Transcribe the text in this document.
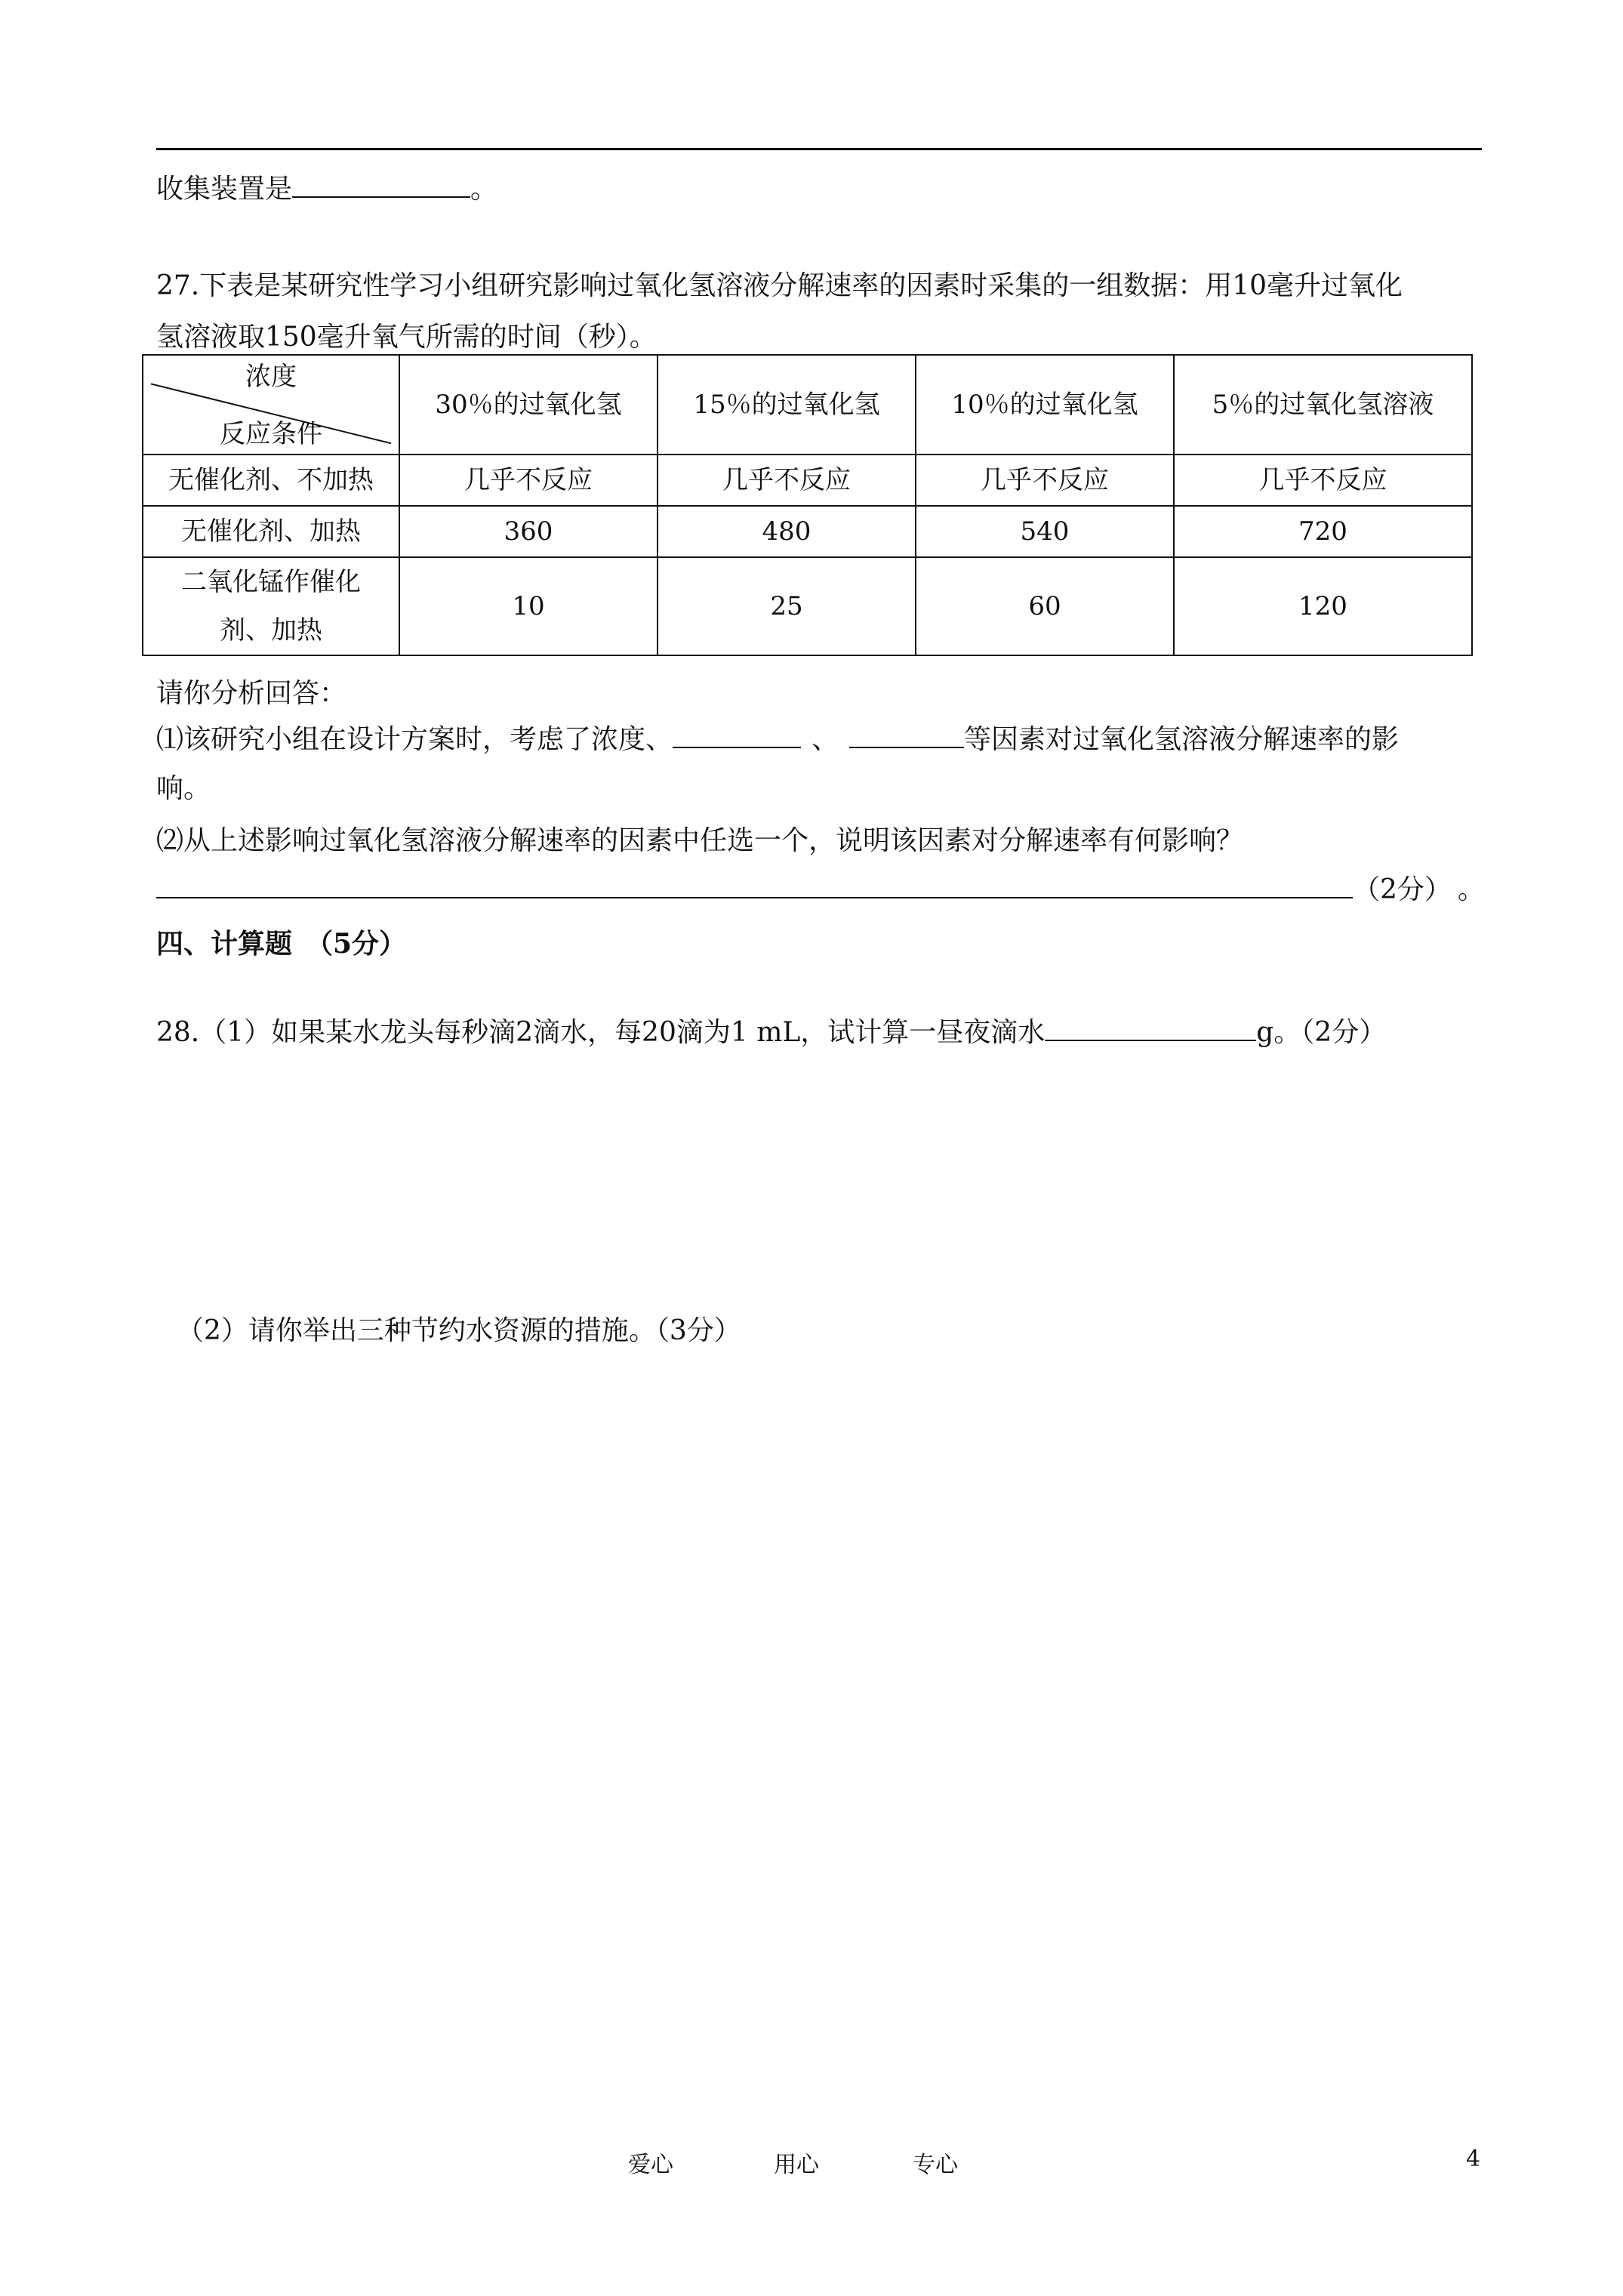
收集装置是	。
27.下表是某研究性学习小组研究影响过氧化氢溶液分解速率的因素时采集的一组数据：用10毫升过氧化
氢溶液取150毫升氧气所需的时间（秒）。
浓度
反应条件	30％的过氧化氢	15％的过氧化氢	10％的过氧化氢	5％的过氧化氢溶液
无催化剂、不加热	几乎不反应	几乎不反应	几乎不反应	几乎不反应
无催化剂、加热	360	480	540	720

二氧化锰作催化
剂、加热	10	25	60	120
请你分析回答：
⑴该研究小组在设计方案时，考虑了浓度、	、	等因素对过氧化氢溶液分解速率的影
响。
⑵从上述影响过氧化氢溶液分解速率的因素中任选一个，说明该因素对分解速率有何影响？
（2分） 。
四、计算题　（5分）
28.（1）如果某水龙头每秒滴2滴水，每20滴为1 mL，试计算一昼夜滴水	g。（2分）
（2）请你举出三种节约水资源的措施。（3分）
爱心	用心	专心	4
